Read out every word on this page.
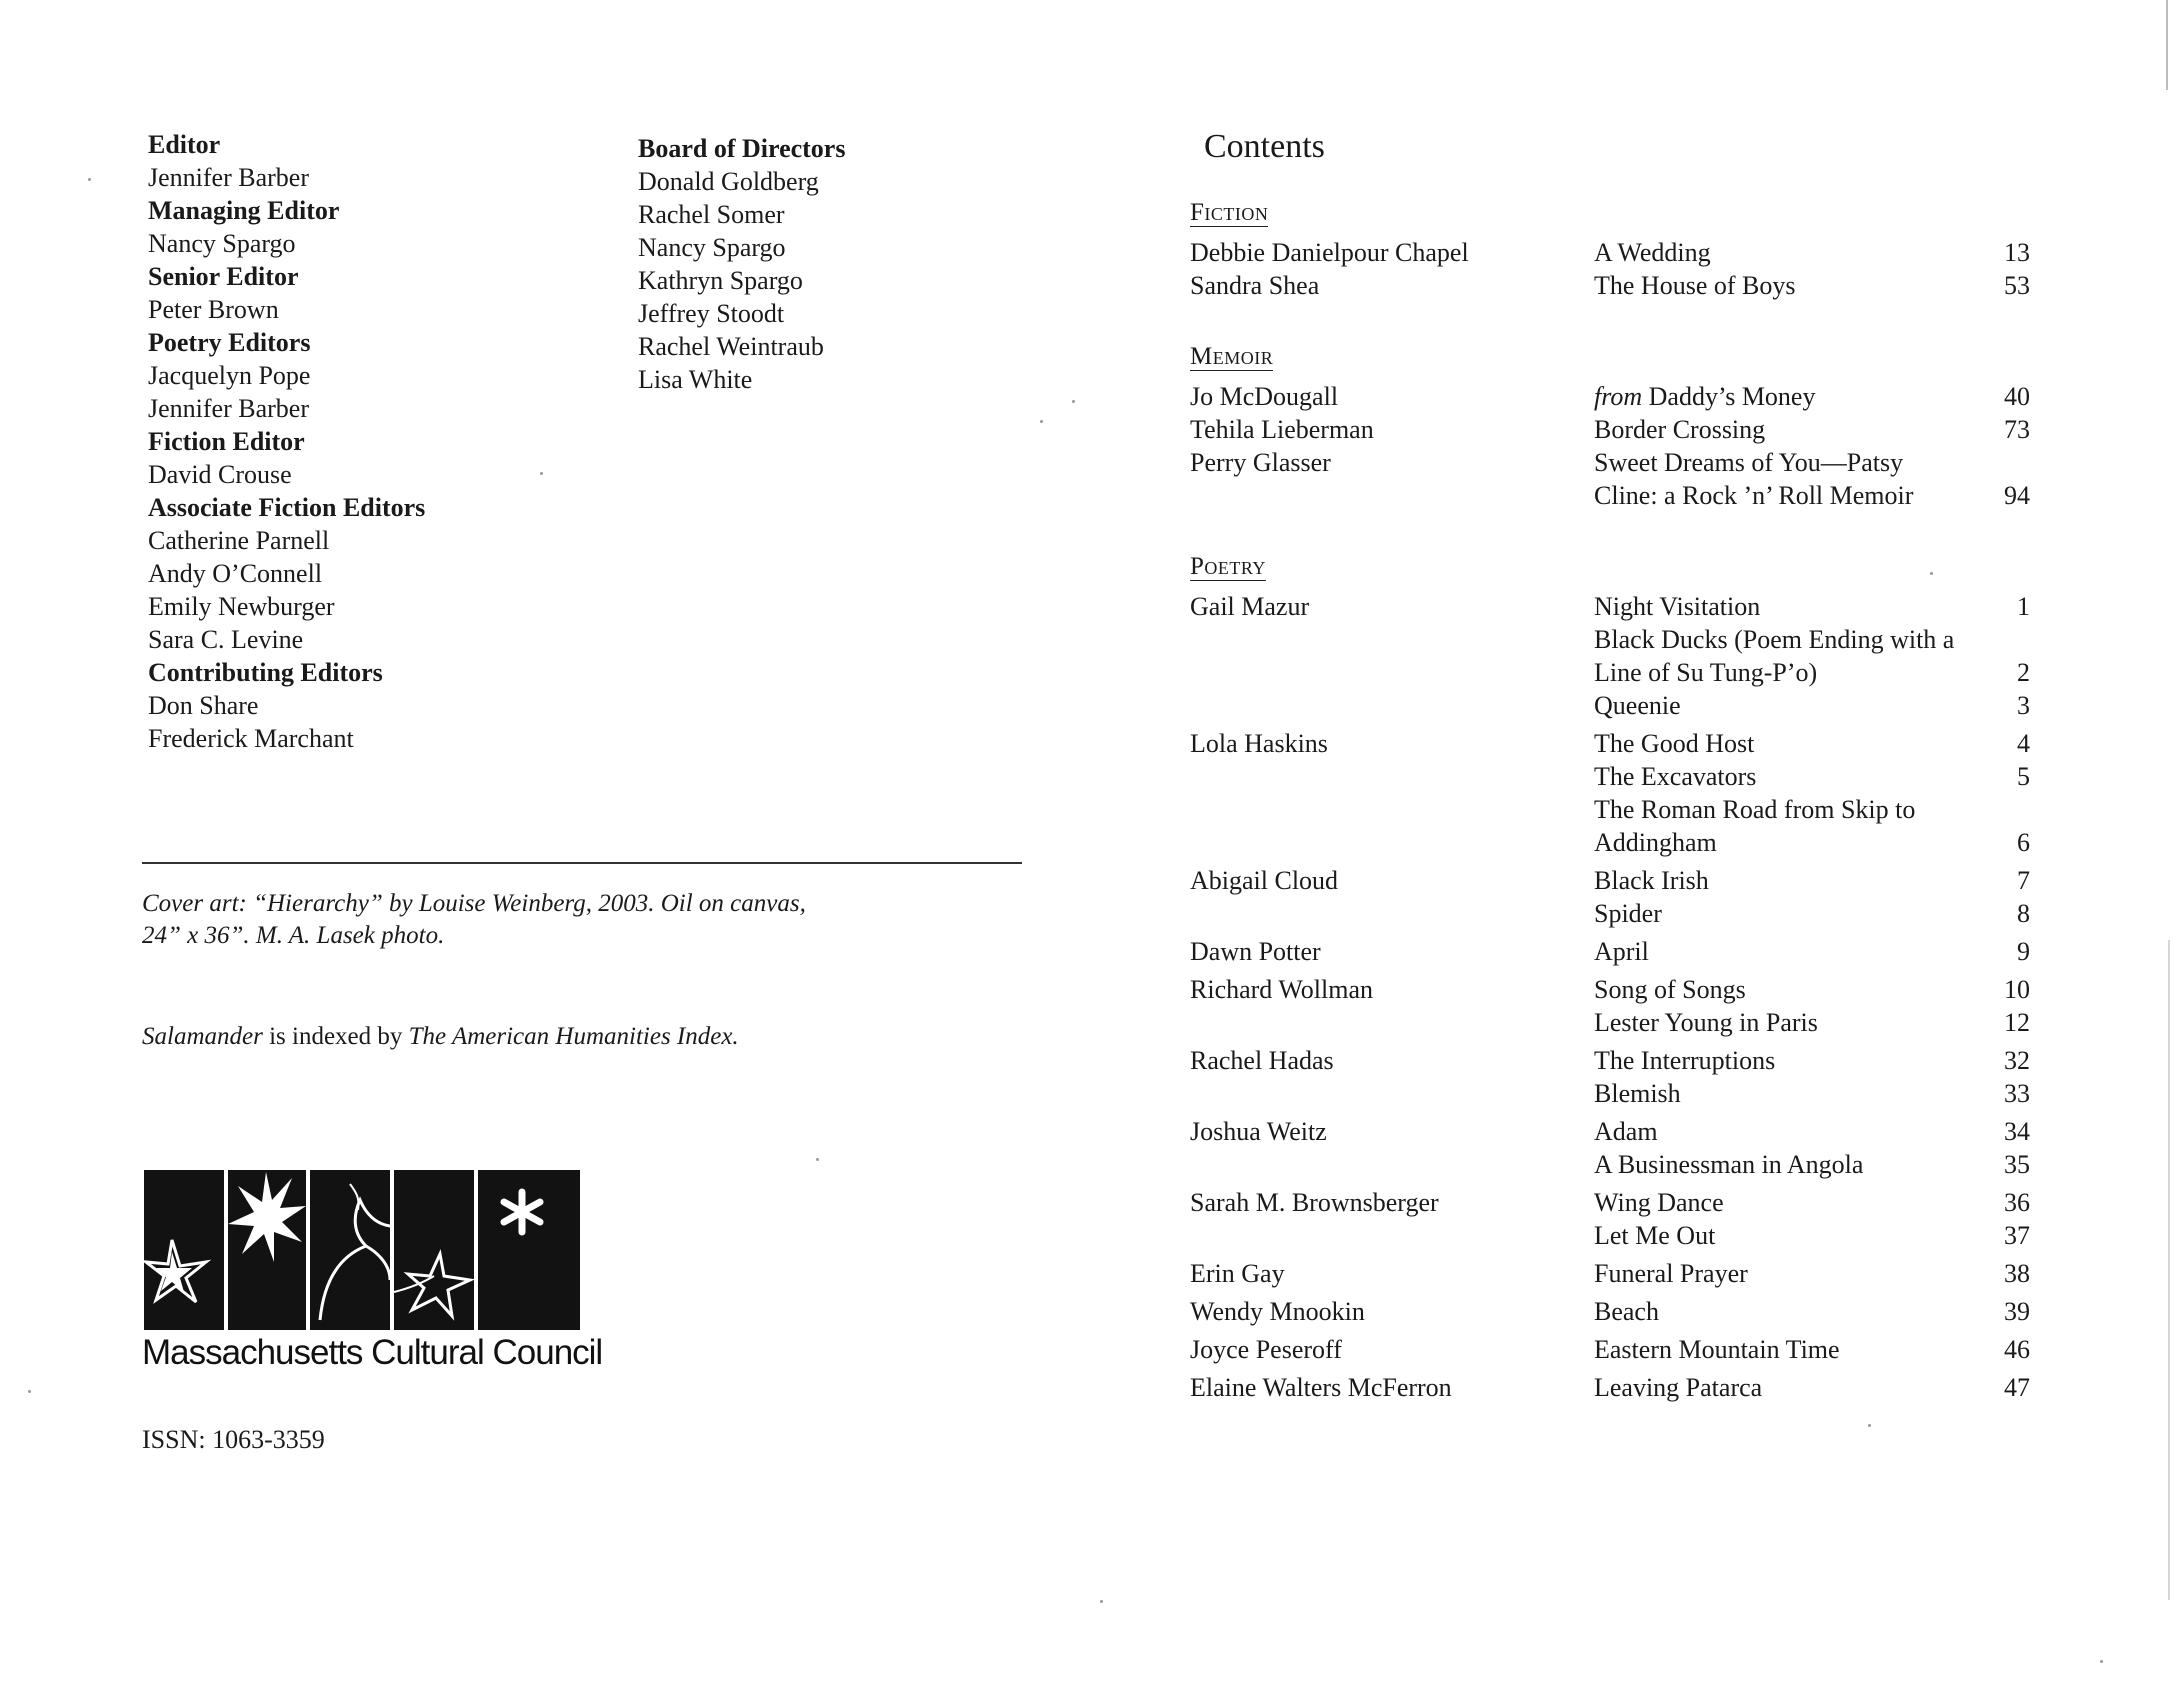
Editor
Jennifer Barber
Managing Editor
Nancy Spargo
Senior Editor
Peter Brown
Poetry Editors
Jacquelyn Pope
Jennifer Barber
Fiction Editor
David Crouse
Associate Fiction Editors
Catherine Parnell
Andy O’Connell
Emily Newburger
Sara C. Levine
Contributing Editors
Don Share
Frederick Marchant
Board of Directors
Donald Goldberg
Rachel Somer
Nancy Spargo
Kathryn Spargo
Jeffrey Stoodt
Rachel Weintraub
Lisa White
Cover art: “Hierarchy” by Louise Weinberg, 2003. Oil on canvas,
24” x 36”. M. A. Lasek photo.
Salamander is indexed by The American Humanities Index.
Massachusetts Cultural Council
ISSN: 1063-3359
Contents
Fiction
Debbie Danielpour Chapel	A Wedding	13
Sandra Shea	The House of Boys	53
Memoir
Jo McDougall	from Daddy’s Money	40
Tehila Lieberman	Border Crossing	73
Perry Glasser	Sweet Dreams of You—Patsy
Cline: a Rock ’n’ Roll Memoir	94
Poetry
Gail Mazur	Night Visitation	1
Black Ducks (Poem Ending with a
Line of Su Tung-P’o)	2
Queenie	3
Lola Haskins	The Good Host	4
The Excavators	5
The Roman Road from Skip to
Addingham	6
Abigail Cloud	Black Irish	7
Spider	8
Dawn Potter	April	9
Richard Wollman	Song of Songs	10
Lester Young in Paris	12
Rachel Hadas	The Interruptions	32
Blemish	33
Joshua Weitz	Adam	34
A Businessman in Angola	35
Sarah M. Brownsberger	Wing Dance	36
Let Me Out	37
Erin Gay	Funeral Prayer	38
Wendy Mnookin	Beach	39
Joyce Peseroff	Eastern Mountain Time	46
Elaine Walters McFerron	Leaving Patarca	47
